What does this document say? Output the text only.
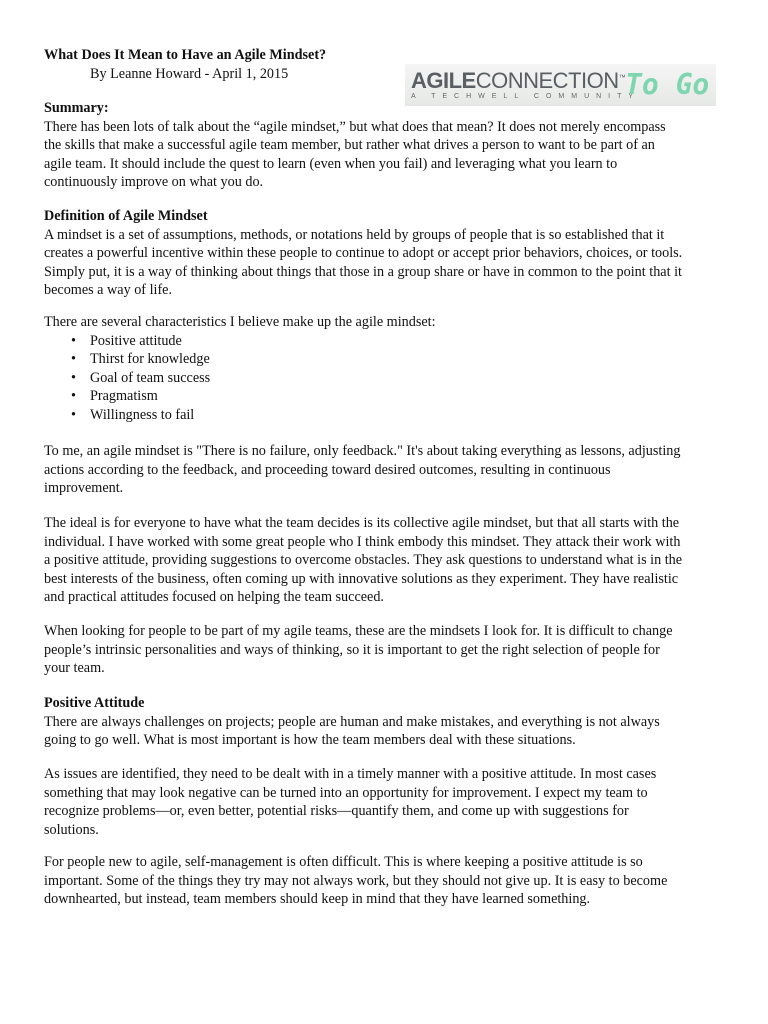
What Does It Mean to Have an Agile Mindset?
By Leanne Howard - April 1, 2015	AGILECONNECTION™
A TECHWELL COMMUNITY
To Go
Summary:
There has been lots of talk about the “agile mindset,” but what does that mean? It does not merely encompass
the skills that make a successful agile team member, but rather what drives a person to want to be part of an
agile team. It should include the quest to learn (even when you fail) and leveraging what you learn to
continuously improve on what you do.
Definition of Agile Mindset
A mindset is a set of assumptions, methods, or notations held by groups of people that is so established that it
creates a powerful incentive within these people to continue to adopt or accept prior behaviors, choices, or tools.
Simply put, it is a way of thinking about things that those in a group share or have in common to the point that it
becomes a way of life.
There are several characteristics I believe make up the agile mindset:
• Positive attitude
• Thirst for knowledge
• Goal of team success
• Pragmatism
• Willingness to fail
To me, an agile mindset is "There is no failure, only feedback." It's about taking everything as lessons, adjusting
actions according to the feedback, and proceeding toward desired outcomes, resulting in continuous
improvement.
The ideal is for everyone to have what the team decides is its collective agile mindset, but that all starts with the
individual. I have worked with some great people who I think embody this mindset. They attack their work with
a positive attitude, providing suggestions to overcome obstacles. They ask questions to understand what is in the
best interests of the business, often coming up with innovative solutions as they experiment. They have realistic
and practical attitudes focused on helping the team succeed.
When looking for people to be part of my agile teams, these are the mindsets I look for. It is difficult to change
people’s intrinsic personalities and ways of thinking, so it is important to get the right selection of people for
your team.
Positive Attitude
There are always challenges on projects; people are human and make mistakes, and everything is not always
going to go well. What is most important is how the team members deal with these situations.
As issues are identified, they need to be dealt with in a timely manner with a positive attitude. In most cases
something that may look negative can be turned into an opportunity for improvement. I expect my team to
recognize problems—or, even better, potential risks—quantify them, and come up with suggestions for
solutions.
For people new to agile, self-management is often difficult. This is where keeping a positive attitude is so
important. Some of the things they try may not always work, but they should not give up. It is easy to become
downhearted, but instead, team members should keep in mind that they have learned something.
